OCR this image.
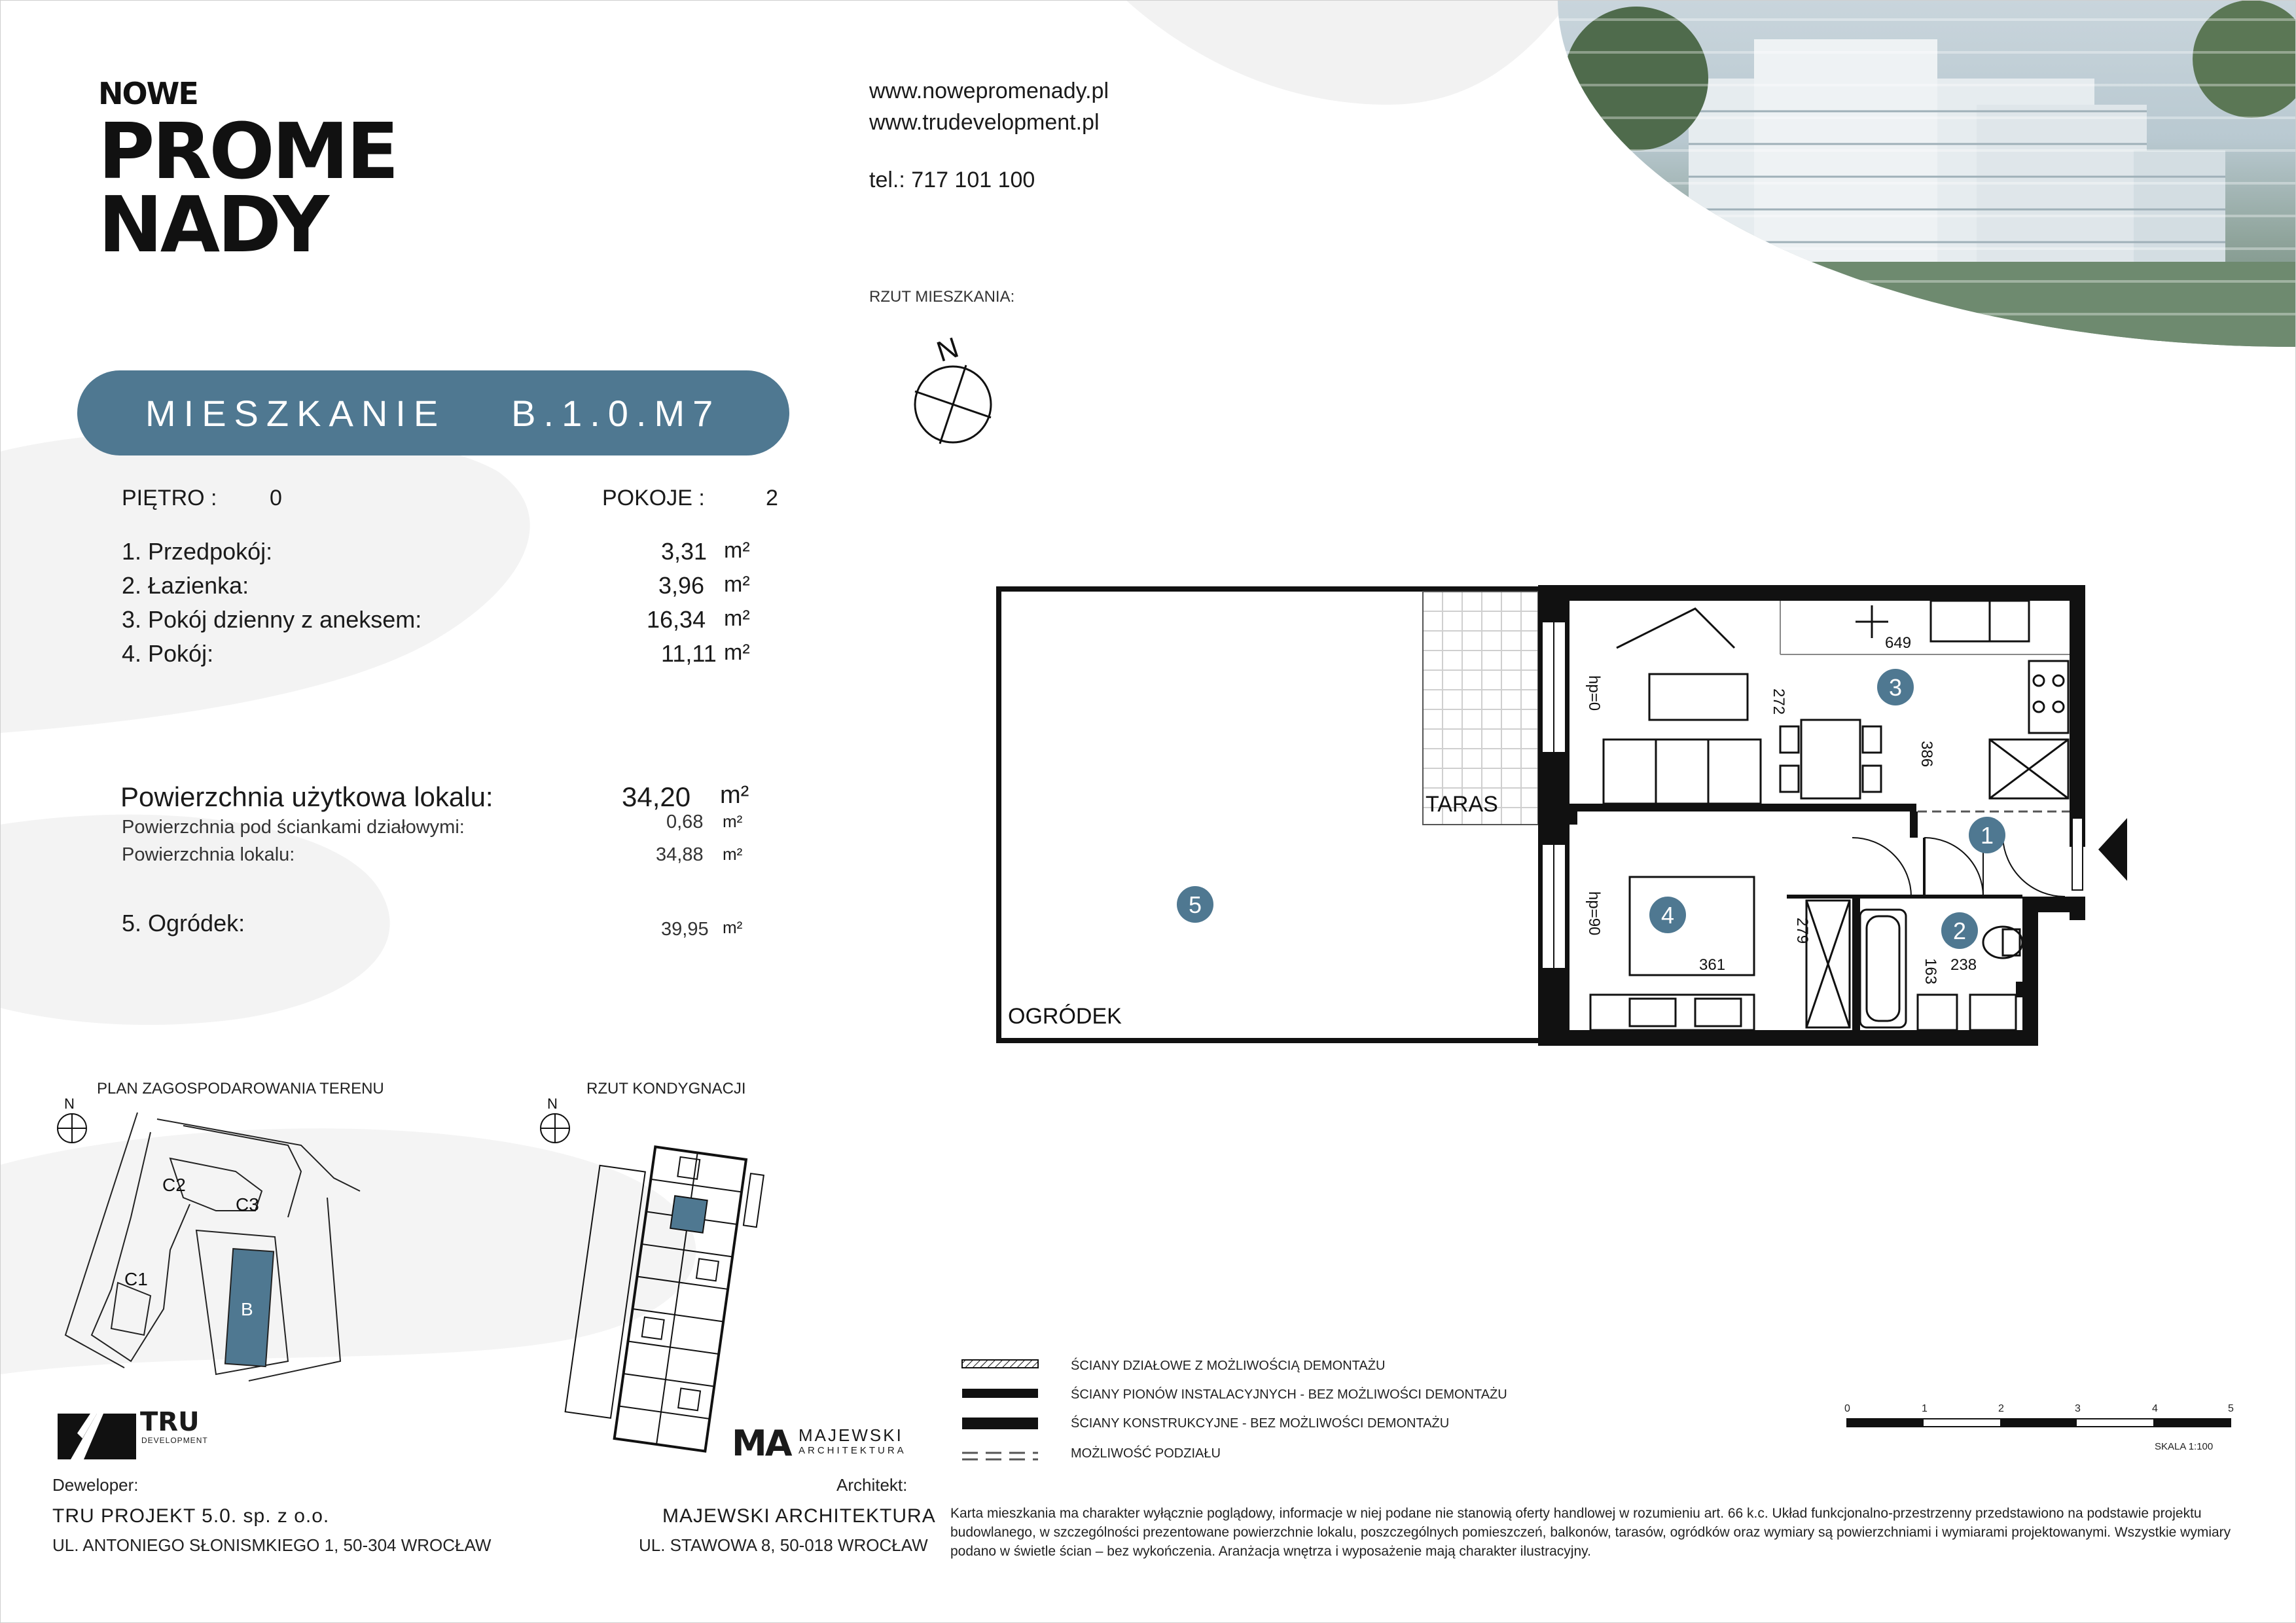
NOWE
PROME
NADY
www.nowepromenady.pl
www.trudevelopment.pl
tel.: 717 101 100
RZUT MIESZKANIA:
N
MIESZKANIE B.1.0.M7
PIĘTRO : 0	POKOJE :	2
1. Przedpokój:	3,31 m²
2. Łazienka:	3,96 m²
3. Pokój dzienny z aneksem:	16,34 m²
4. Pokój:	11,11 m²
Powierzchnia użytkowa lokalu:	34,20 m²
Powierzchnia pod ściankami działowymi:	0,68 m²
Powierzchnia lokalu:	34,88 m²
5. Ogródek:	39,95 m²
649
272
386
361
279
163 238
hp=0
hp=90
TARAS
OGRÓDEK
1
2
3
4
5
PLAN ZAGOSPODAROWANIA TERENU
N
C2
C3
C1
B
RZUT KONDYGNACJI
N
ŚCIANY DZIAŁOWE Z MOŻLIWOŚCIĄ DEMONTAŻU
ŚCIANY PIONÓW INSTALACYJNYCH - BEZ MOŻLIWOŚCI DEMONTAŻU
ŚCIANY KONSTRUKCYJNE - BEZ MOŻLIWOŚCI DEMONTAŻU
MOŻLIWOŚĆ PODZIAŁU
0	1	2	3	4	5
SKALA 1:100
TRU
DEVELOPMENT
Deweloper:
TRU PROJEKT 5.0. sp. z o.o.
UL. ANTONIEGO SŁONISMKIEGO 1, 50-304 WROCŁAW
MA MAJEWSKI
ARCHITEKTURA
Architekt:
MAJEWSKI ARCHITEKTURA
UL. STAWOWA 8, 50-018 WROCŁAW
Karta mieszkania ma charakter wyłącznie poglądowy, informacje w niej podane nie stanowią oferty handlowej w rozumieniu art. 66 k.c. Układ funkcjonalno-przestrzenny przedstawiono na podstawie projektu budowlanego, w szczególności prezentowane powierzchnie lokalu, poszczególnych pomieszczeń, balkonów, tarasów, ogródków oraz wymiary są powierzchniami i wymiarami projektowanymi. Wszystkie wymiary podano w świetle ścian – bez wykończenia. Aranżacja wnętrza i wyposażenie mają charakter ilustracyjny.
